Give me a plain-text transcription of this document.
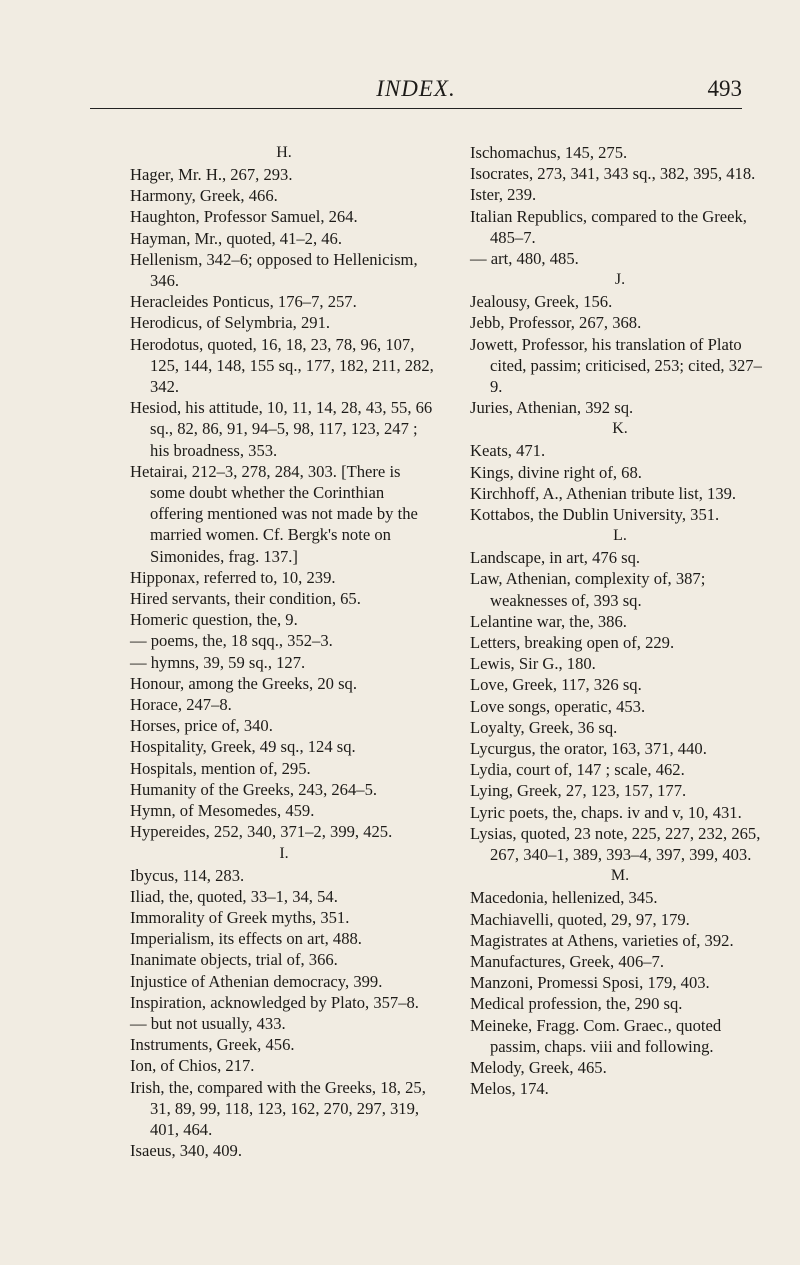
INDEX.	493
H.
Hager, Mr. H., 267, 293.
Harmony, Greek, 466.
Haughton, Professor Samuel, 264.
Hayman, Mr., quoted, 41–2, 46.
Hellenism, 342–6; opposed to Hellenicism, 346.
Heracleides Ponticus, 176–7, 257.
Herodicus, of Selymbria, 291.
Herodotus, quoted, 16, 18, 23, 78, 96, 107, 125, 144, 148, 155 sq., 177, 182, 211, 282, 342.
Hesiod, his attitude, 10, 11, 14, 28, 43, 55, 66 sq., 82, 86, 91, 94–5, 98, 117, 123, 247 ; his broadness, 353.
Hetairai, 212–3, 278, 284, 303. [There is some doubt whether the Corinthian offering mentioned was not made by the married women. Cf. Bergk's note on Simonides, frag. 137.]
Hipponax, referred to, 10, 239.
Hired servants, their condition, 65.
Homeric question, the, 9.
— poems, the, 18 sqq., 352–3.
— hymns, 39, 59 sq., 127.
Honour, among the Greeks, 20 sq.
Horace, 247–8.
Horses, price of, 340.
Hospitality, Greek, 49 sq., 124 sq.
Hospitals, mention of, 295.
Humanity of the Greeks, 243, 264–5.
Hymn, of Mesomedes, 459.
Hypereides, 252, 340, 371–2, 399, 425.
I.
Ibycus, 114, 283.
Iliad, the, quoted, 33–1, 34, 54.
Immorality of Greek myths, 351.
Imperialism, its effects on art, 488.
Inanimate objects, trial of, 366.
Injustice of Athenian democracy, 399.
Inspiration, acknowledged by Plato, 357–8.
— but not usually, 433.
Instruments, Greek, 456.
Ion, of Chios, 217.
Irish, the, compared with the Greeks, 18, 25, 31, 89, 99, 118, 123, 162, 270, 297, 319, 401, 464.
Isaeus, 340, 409.
Ischomachus, 145, 275.
Isocrates, 273, 341, 343 sq., 382, 395, 418.
Ister, 239.
Italian Republics, compared to the Greek, 485–7.
— art, 480, 485.
J.
Jealousy, Greek, 156.
Jebb, Professor, 267, 368.
Jowett, Professor, his translation of Plato cited, passim; criticised, 253; cited, 327–9.
Juries, Athenian, 392 sq.
K.
Keats, 471.
Kings, divine right of, 68.
Kirchhoff, A., Athenian tribute list, 139.
Kottabos, the Dublin University, 351.
L.
Landscape, in art, 476 sq.
Law, Athenian, complexity of, 387; weaknesses of, 393 sq.
Lelantine war, the, 386.
Letters, breaking open of, 229.
Lewis, Sir G., 180.
Love, Greek, 117, 326 sq.
Love songs, operatic, 453.
Loyalty, Greek, 36 sq.
Lycurgus, the orator, 163, 371, 440.
Lydia, court of, 147 ; scale, 462.
Lying, Greek, 27, 123, 157, 177.
Lyric poets, the, chaps. iv and v, 10, 431.
Lysias, quoted, 23 note, 225, 227, 232, 265, 267, 340–1, 389, 393–4, 397, 399, 403.
M.
Macedonia, hellenized, 345.
Machiavelli, quoted, 29, 97, 179.
Magistrates at Athens, varieties of, 392.
Manufactures, Greek, 406–7.
Manzoni, Promessi Sposi, 179, 403.
Medical profession, the, 290 sq.
Meineke, Fragg. Com. Graec., quoted passim, chaps. viii and following.
Melody, Greek, 465.
Melos, 174.
